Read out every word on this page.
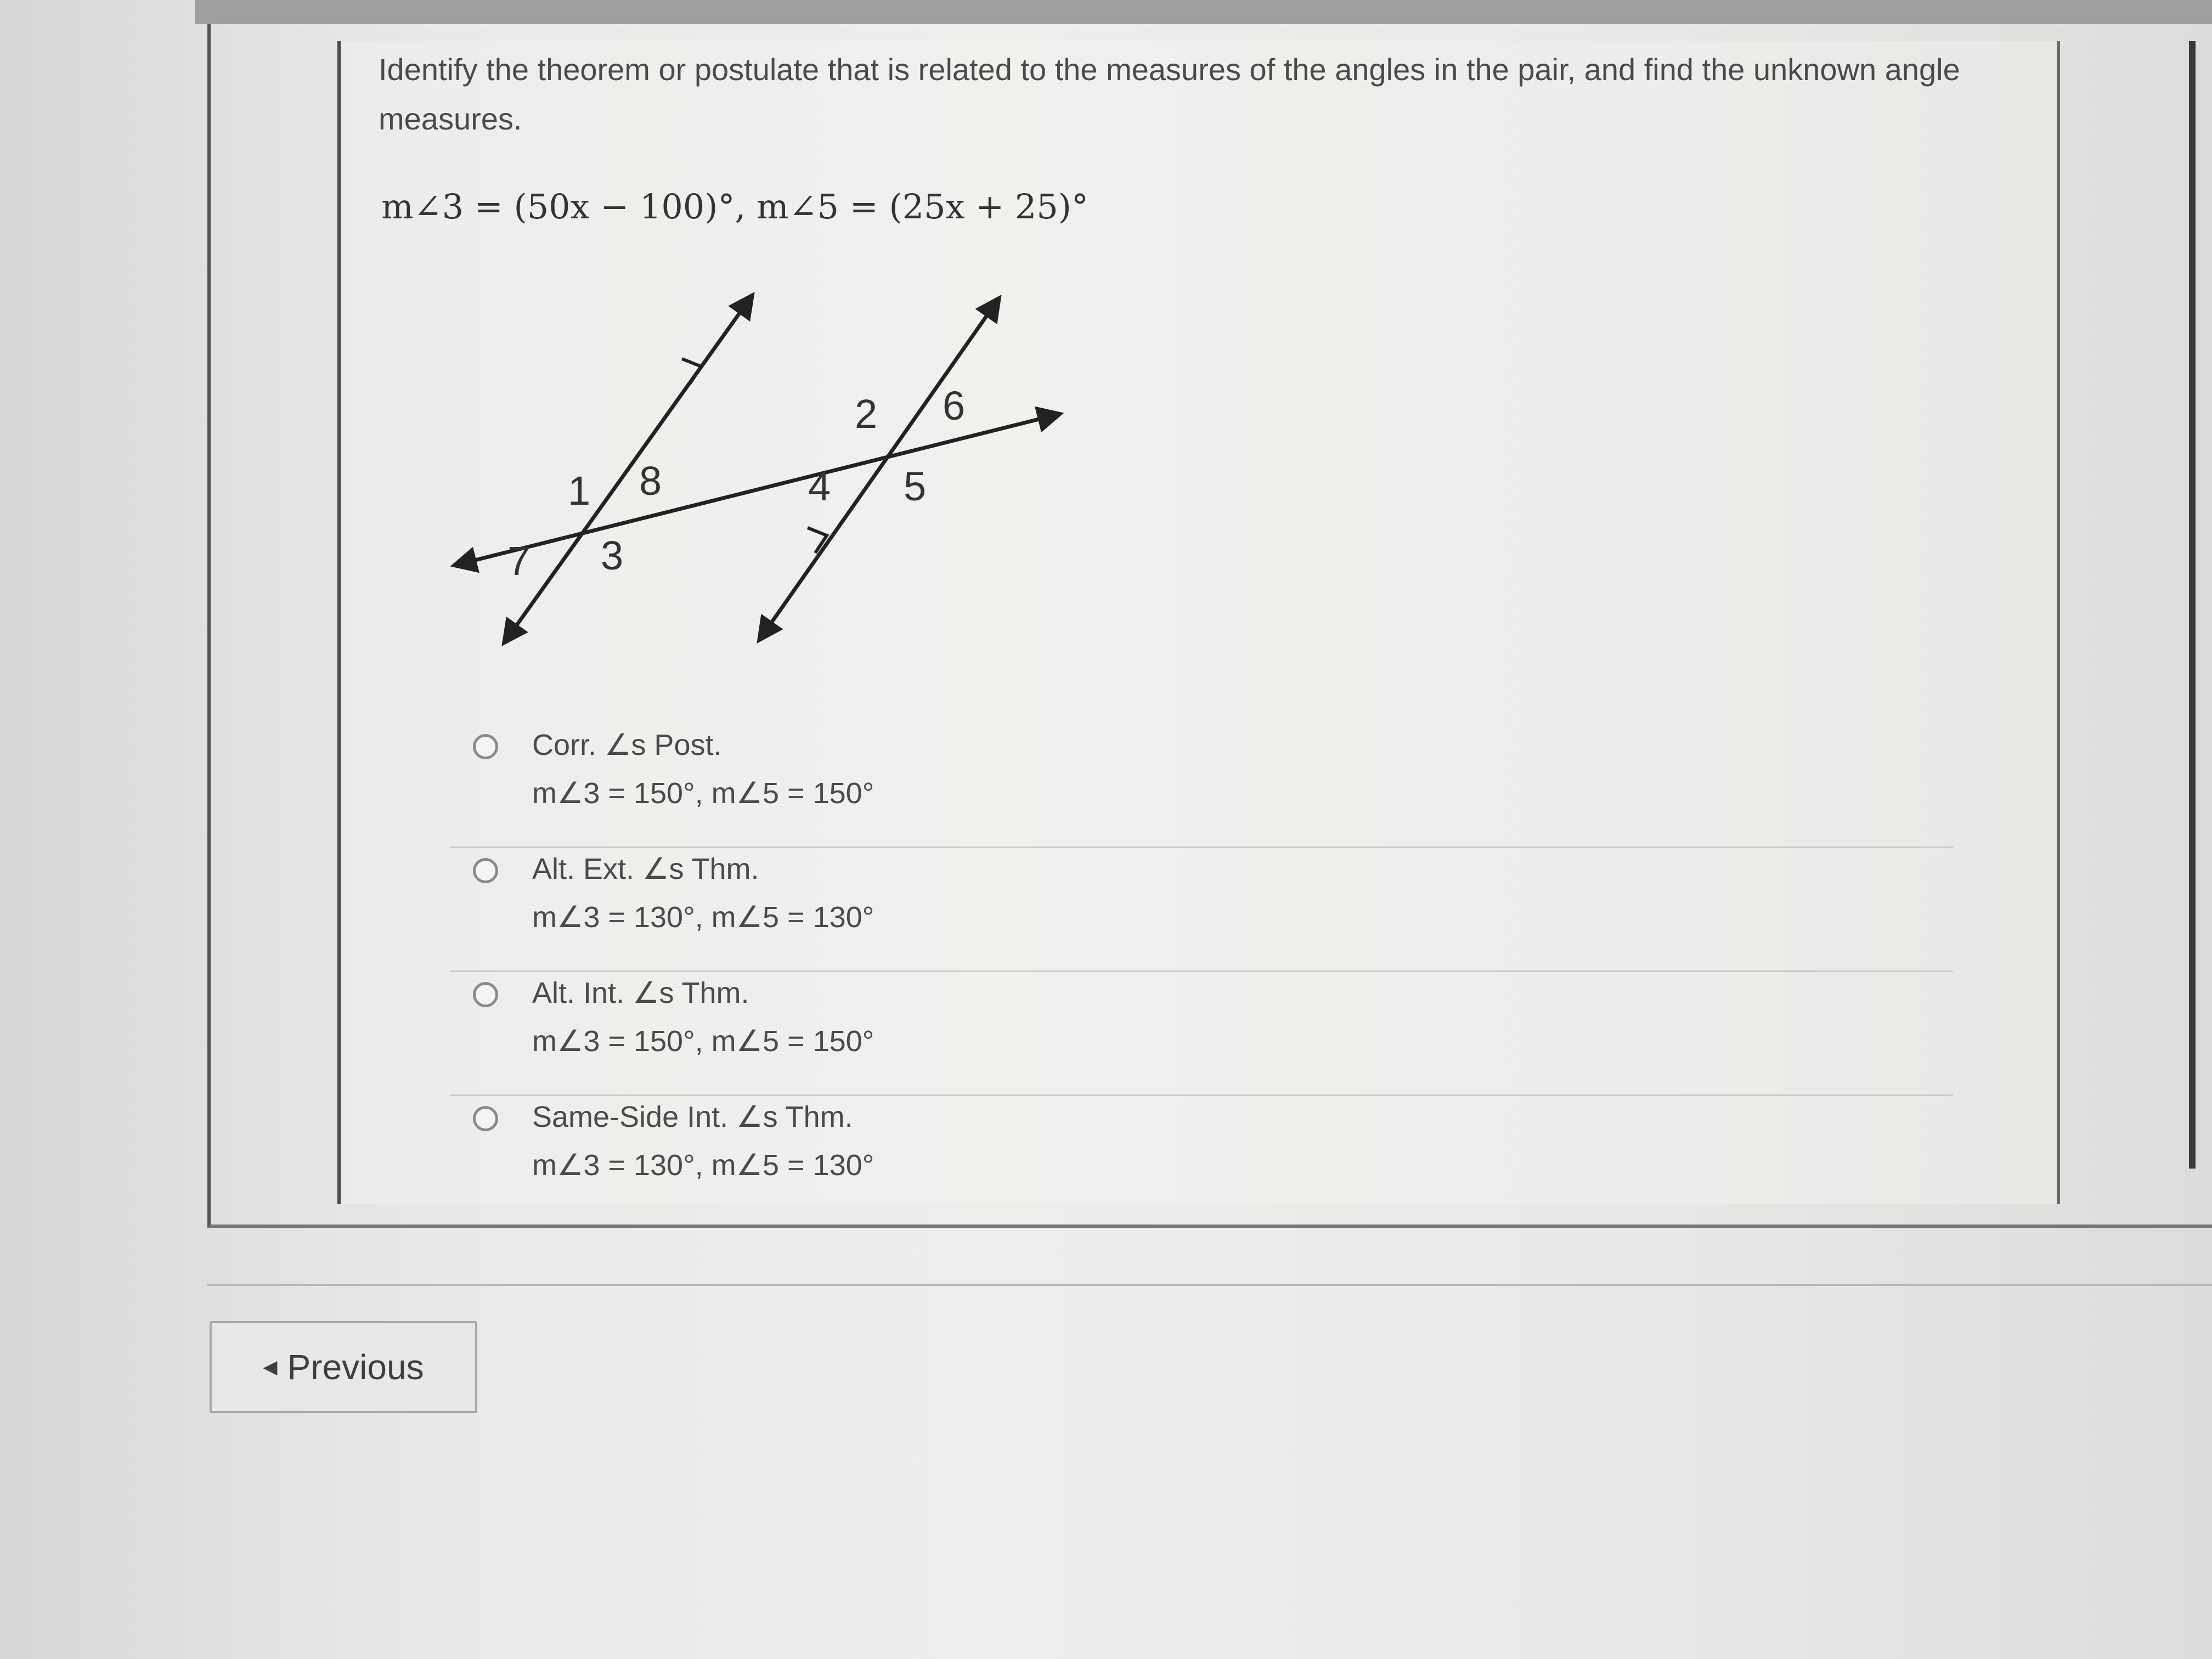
Identify the theorem or postulate that is related to the measures of the angles in the pair, and find the unknown angle measures.
m∠3 = (50x − 100)°, m∠5 = (25x + 25)°
1 8
7 3
2 6
4 5
Corr. ∠s Post.
m∠3 = 150°, m∠5 = 150°
Alt. Ext. ∠s Thm.
m∠3 = 130°, m∠5 = 130°
Alt. Int. ∠s Thm.
m∠3 = 150°, m∠5 = 150°
Same-Side Int. ∠s Thm.
m∠3 = 130°, m∠5 = 130°
◀ Previous
